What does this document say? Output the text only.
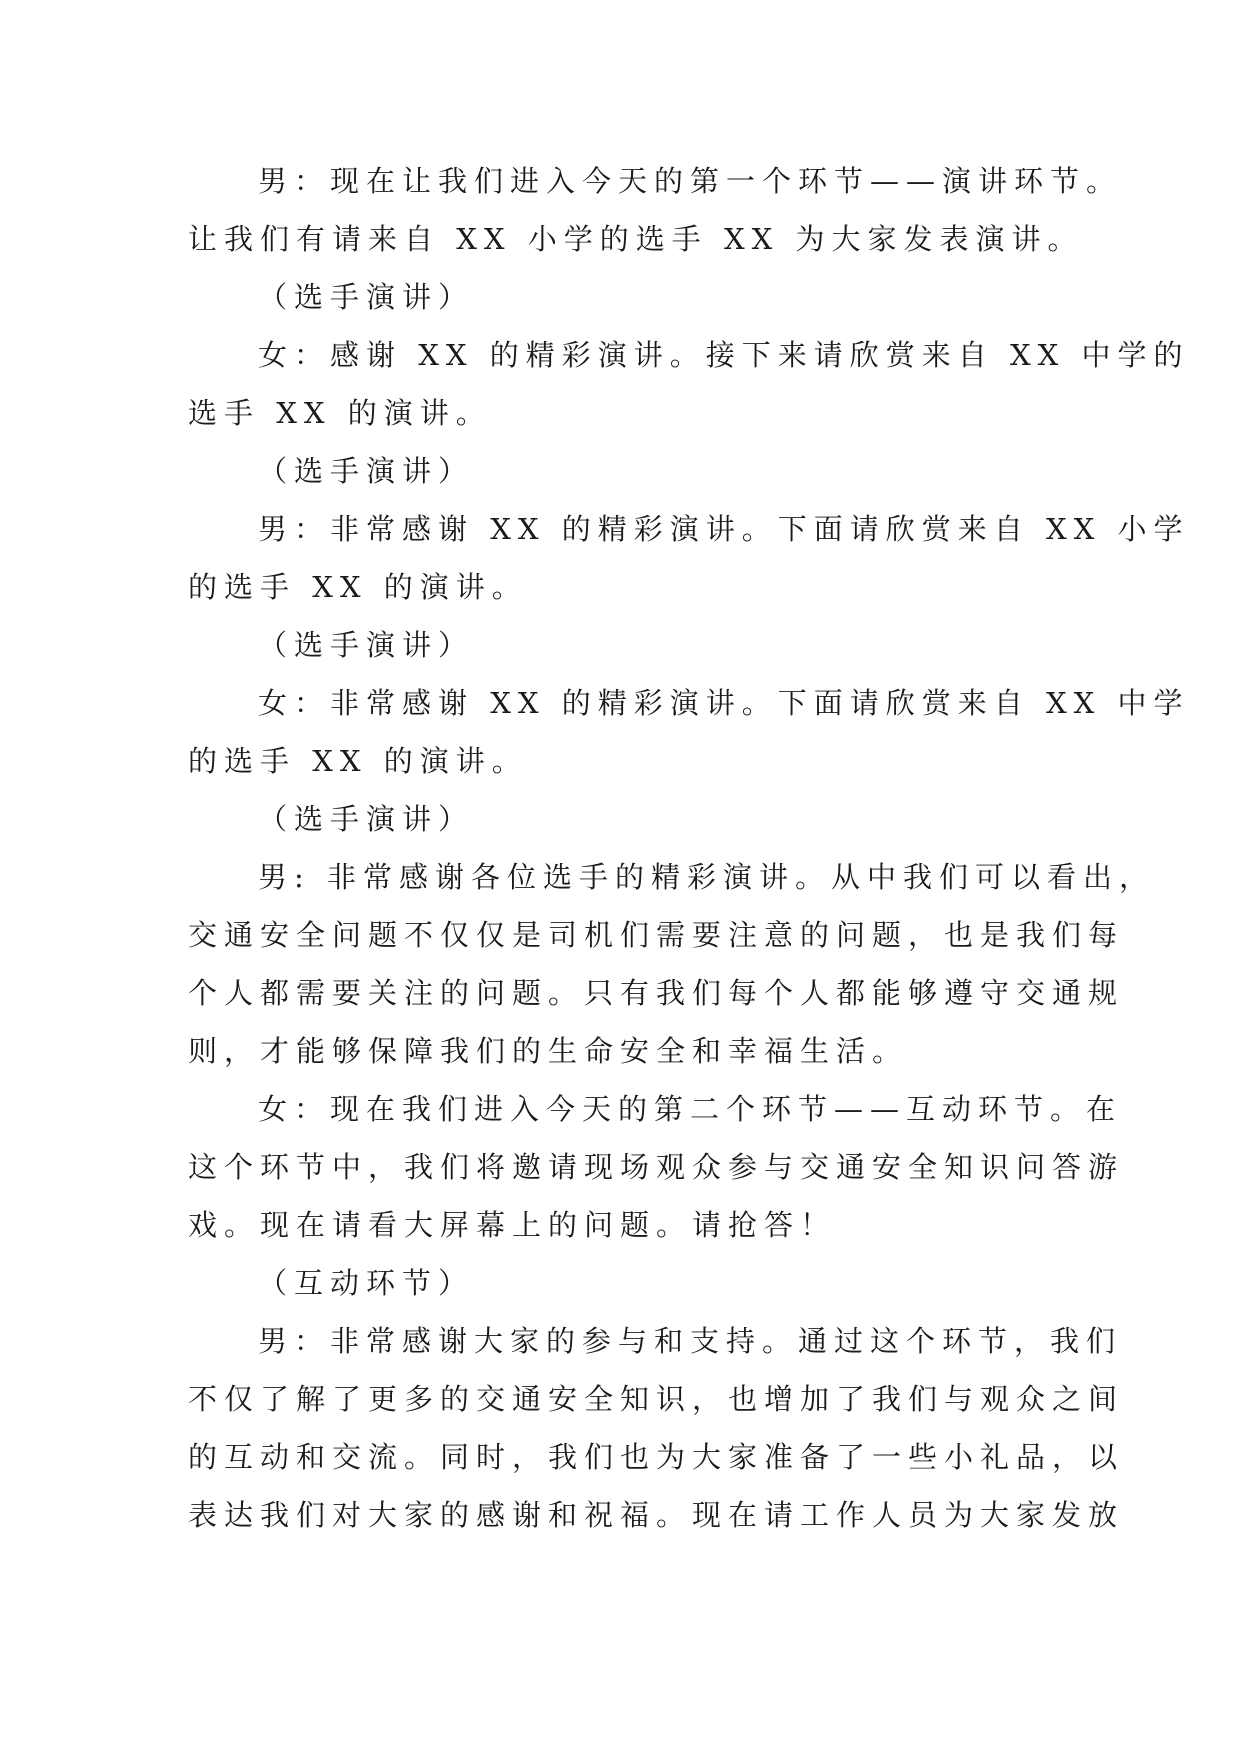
男：现在让我们进入今天的第一个环节——演讲环节。
让我们有请来自 XX 小学的选手 XX 为大家发表演讲。
（选手演讲）
女：感谢 XX 的精彩演讲。接下来请欣赏来自 XX 中学的
选手 XX 的演讲。
（选手演讲）
男：非常感谢 XX 的精彩演讲。下面请欣赏来自 XX 小学
的选手 XX 的演讲。
（选手演讲）
女：非常感谢 XX 的精彩演讲。下面请欣赏来自 XX 中学
的选手 XX 的演讲。
（选手演讲）
男: 非常感谢各位选手的精彩演讲。从中我们可以看出，
交通安全问题不仅仅是司机们需要注意的问题，也是我们每
个人都需要关注的问题。只有我们每个人都能够遵守交通规
则，才能够保障我们的生命安全和幸福生活。
女：现在我们进入今天的第二个环节——互动环节。在
这个环节中，我们将邀请现场观众参与交通安全知识问答游
戏。现在请看大屏幕上的问题。请抢答！
（互动环节）
男：非常感谢大家的参与和支持。通过这个环节，我们
不仅了解了更多的交通安全知识，也增加了我们与观众之间
的互动和交流。同时，我们也为大家准备了一些小礼品，以
表达我们对大家的感谢和祝福。现在请工作人员为大家发放
